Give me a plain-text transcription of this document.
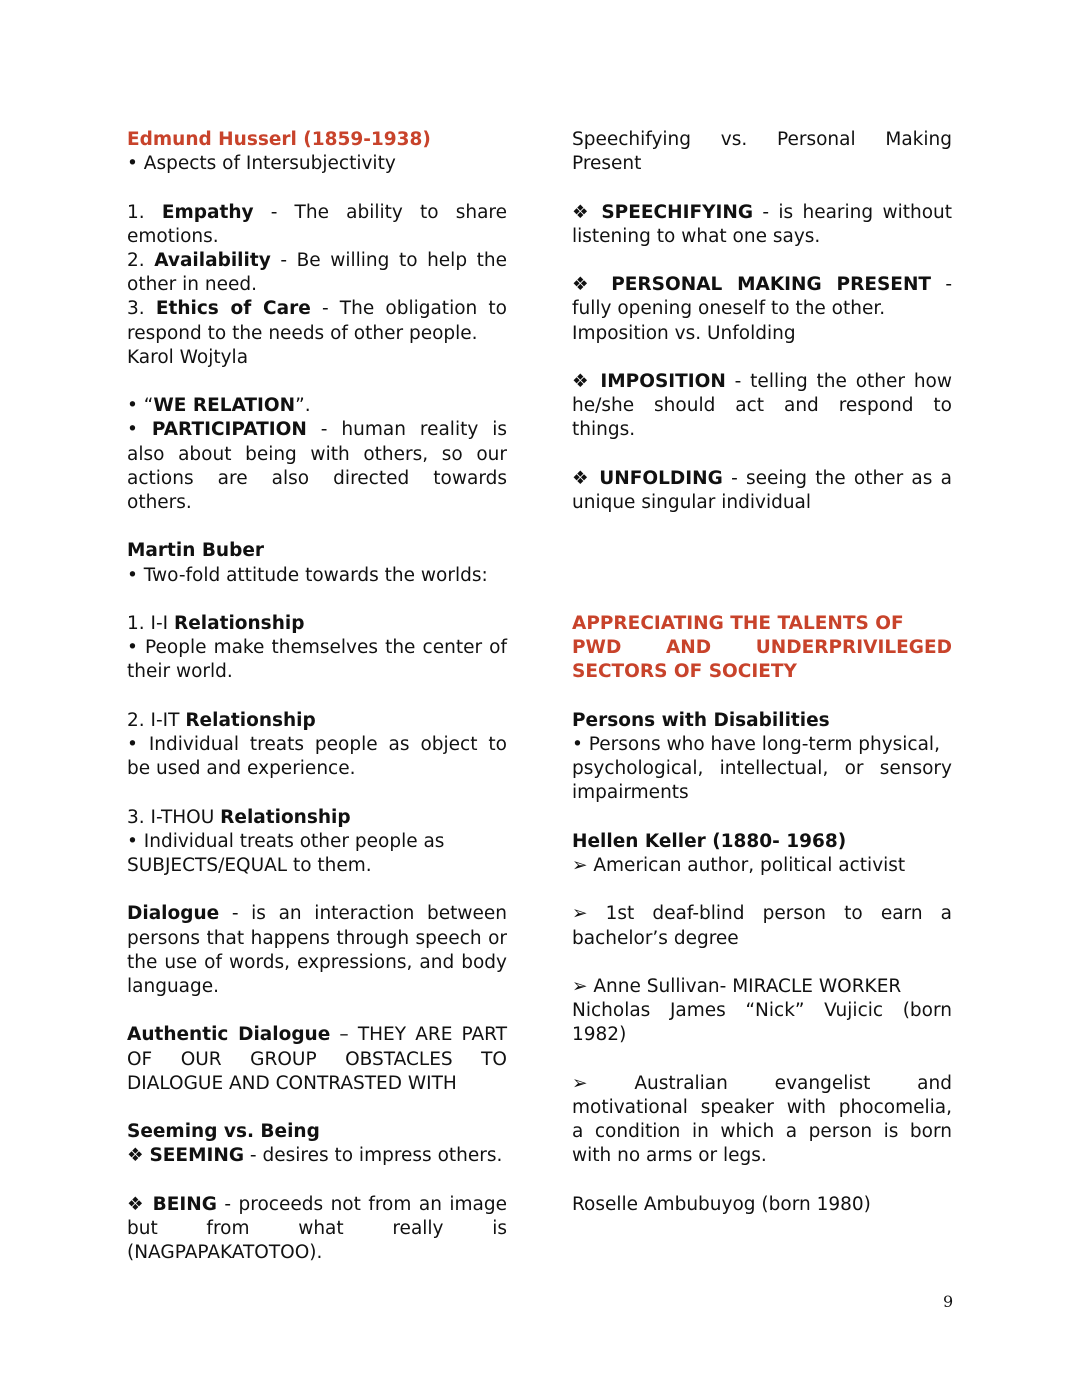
Edmund Husserl (1859-1938)
• Aspects of Intersubjectivity
1. Empathy - The ability to share
emotions.
2. Availability - Be willing to help the
other in need.
3. Ethics of Care - The obligation to
respond to the needs of other people.
Karol Wojtyla
• “WE RELATION”.
• PARTICIPATION - human reality is
also about being with others, so our
actions are also directed towards
others.
Martin Buber
• Two-fold attitude towards the worlds:
1. I-I Relationship
• People make themselves the center of
their world.
2. I-IT Relationship
• Individual treats people as object to
be used and experience.
3. I-THOU Relationship
• Individual treats other people as
SUBJECTS/EQUAL to them.
Dialogue - is an interaction between
persons that happens through speech or
the use of words, expressions, and body
language.
Authentic Dialogue – THEY ARE PART
OF OUR GROUP OBSTACLES TO
DIALOGUE AND CONTRASTED WITH
Seeming vs. Being
❖ SEEMING - desires to impress others.
❖ BEING - proceeds not from an image
but from what really is
(NAGPAPAKATOTOO).
Speechifying vs. Personal Making
Present
❖ SPEECHIFYING - is hearing without
listening to what one says.
❖ PERSONAL MAKING PRESENT -
fully opening oneself to the other.
Imposition vs. Unfolding
❖ IMPOSITION - telling the other how
he/she should act and respond to
things.
❖ UNFOLDING - seeing the other as a
unique singular individual
APPRECIATING THE TALENTS OF
PWD AND UNDERPRIVILEGED
SECTORS OF SOCIETY
Persons with Disabilities
• Persons who have long-term physical,
psychological, intellectual, or sensory
impairments
Hellen Keller (1880- 1968)
➢ American author, political activist
➢ 1st deaf-blind person to earn a
bachelor’s degree
➢ Anne Sullivan- MIRACLE WORKER
Nicholas James “Nick” Vujicic (born
1982)
➢ Australian evangelist and
motivational speaker with phocomelia,
a condition in which a person is born
with no arms or legs.
Roselle Ambubuyog (born 1980)
9
